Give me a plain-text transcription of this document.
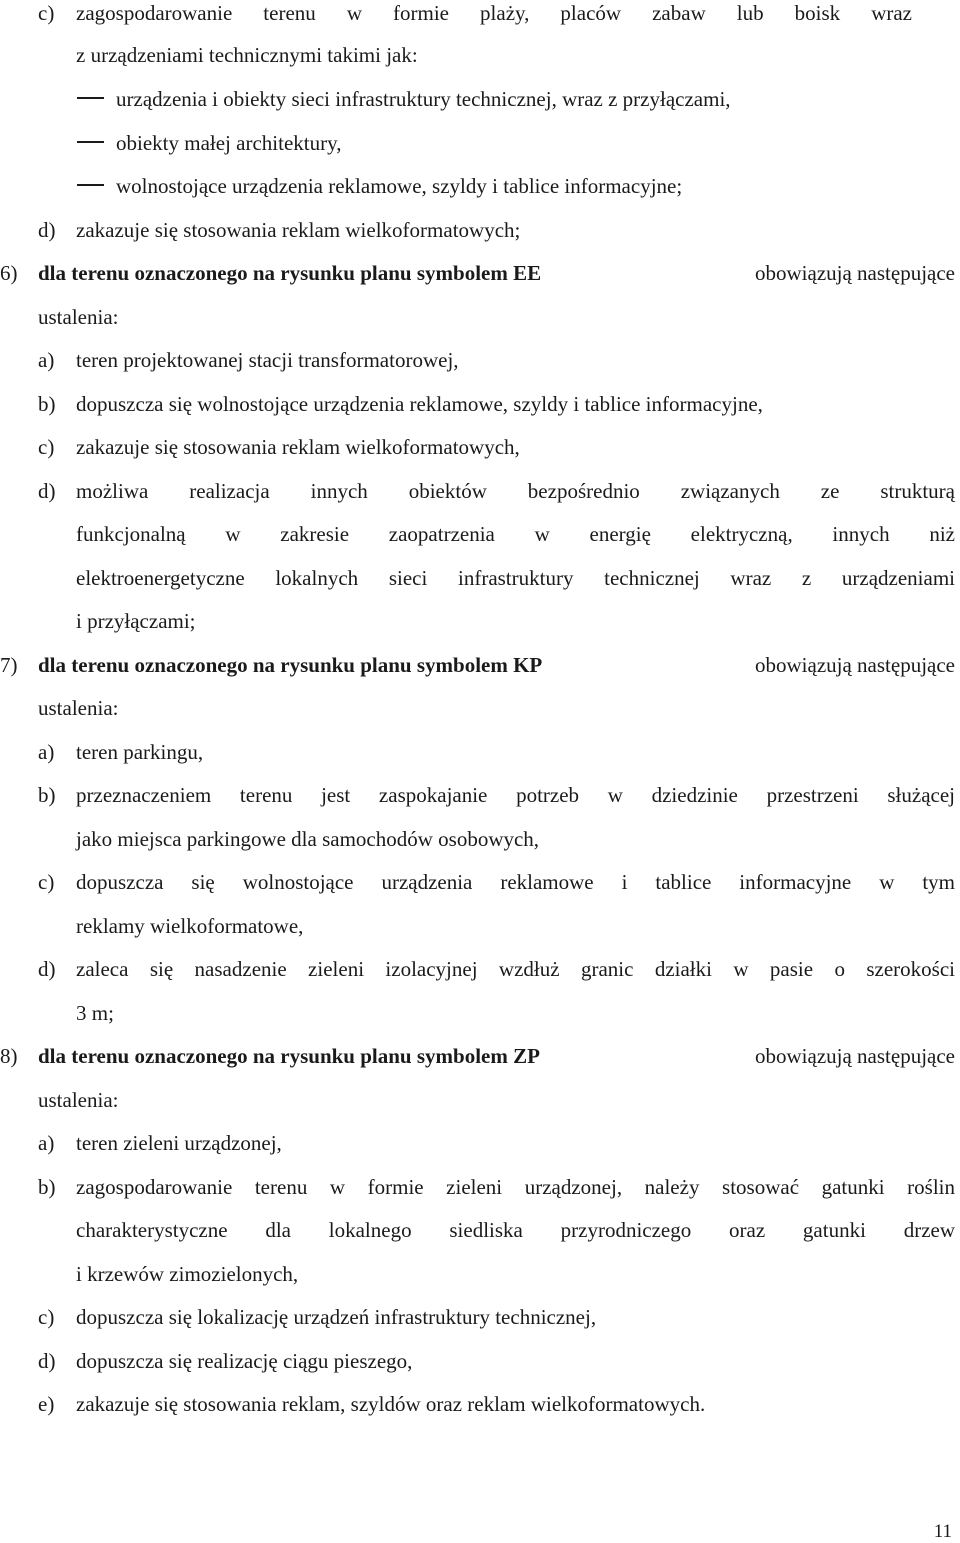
c) zagospodarowanie terenu w formie plaży, placów zabaw lub boisk wraz
z urządzeniami technicznymi takimi jak:
urządzenia i obiekty sieci infrastruktury technicznej, wraz z przyłączami,
obiekty małej architektury,
wolnostojące urządzenia reklamowe, szyldy i tablice informacyjne;
d) zakazuje się stosowania reklam wielkoformatowych;
6) dla terenu oznaczonego na rysunku planu symbolem EE	obowiązują następujące
ustalenia:
a) teren projektowanej stacji transformatorowej,
b) dopuszcza się wolnostojące urządzenia reklamowe, szyldy i tablice informacyjne,
c) zakazuje się stosowania reklam wielkoformatowych,
d) możliwa realizacja innych obiektów bezpośrednio związanych ze strukturą
funkcjonalną w zakresie zaopatrzenia w energię elektryczną, innych niż
elektroenergetyczne lokalnych sieci infrastruktury technicznej wraz z urządzeniami
i przyłączami;
7) dla terenu oznaczonego na rysunku planu symbolem KP	obowiązują następujące
ustalenia:
a) teren parkingu,
b) przeznaczeniem terenu jest zaspokajanie potrzeb w dziedzinie przestrzeni służącej
jako miejsca parkingowe dla samochodów osobowych,
c) dopuszcza się wolnostojące urządzenia reklamowe i tablice informacyjne w tym
reklamy wielkoformatowe,
d) zaleca się nasadzenie zieleni izolacyjnej wzdłuż granic działki w pasie o szerokości
3 m;
8) dla terenu oznaczonego na rysunku planu symbolem ZP	obowiązują następujące
ustalenia:
a) teren zieleni urządzonej,
b) zagospodarowanie terenu w formie zieleni urządzonej, należy stosować gatunki roślin
charakterystyczne dla lokalnego siedliska przyrodniczego oraz gatunki drzew
i krzewów zimozielonych,
c) dopuszcza się lokalizację urządzeń infrastruktury technicznej,
d) dopuszcza się realizację ciągu pieszego,
e) zakazuje się stosowania reklam, szyldów oraz reklam wielkoformatowych.
11
